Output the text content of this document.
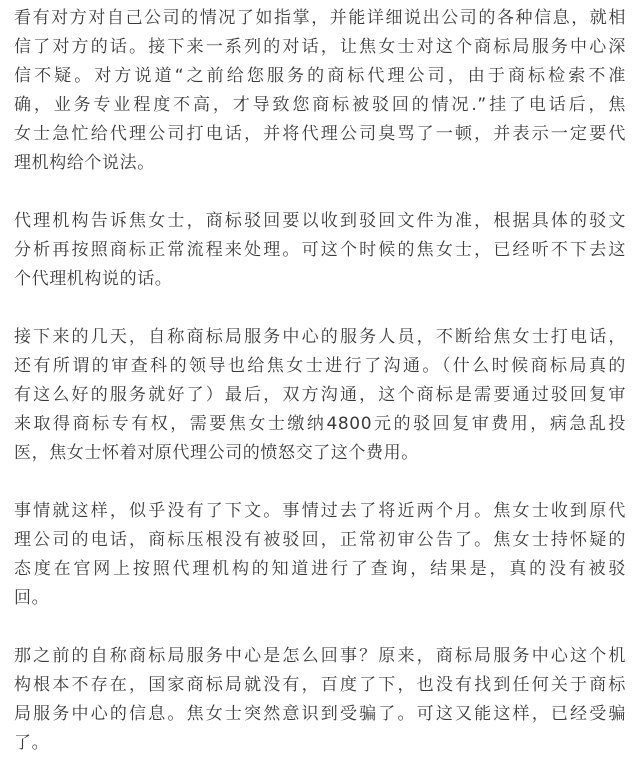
看有对方对自己公司的情况了如指掌，并能详细说出公司的各种信息，就相
信了对方的话。接下来一系列的对话，让焦女士对这个商标局服务中心深
信不疑。对方说道“之前给您服务的商标代理公司，由于商标检索不准
确，业务专业程度不高，才导致您商标被驳回的情况.”挂了电话后，焦
女士急忙给代理公司打电话，并将代理公司臭骂了一顿，并表示一定要代
理机构给个说法。
代理机构告诉焦女士，商标驳回要以收到驳回文件为准，根据具体的驳文
分析再按照商标正常流程来处理。可这个时候的焦女士，已经听不下去这
个代理机构说的话。
接下来的几天，自称商标局服务中心的服务人员，不断给焦女士打电话，
还有所谓的审查科的领导也给焦女士进行了沟通。（什么时候商标局真的
有这么好的服务就好了）最后，双方沟通，这个商标是需要通过驳回复审
来取得商标专有权，需要焦女士缴纳4800元的驳回复审费用，病急乱投
医，焦女士怀着对原代理公司的愤怒交了这个费用。
事情就这样，似乎没有了下文。事情过去了将近两个月。焦女士收到原代
理公司的电话，商标压根没有被驳回，正常初审公告了。焦女士持怀疑的
态度在官网上按照代理机构的知道进行了查询，结果是，真的没有被驳
回。
那之前的自称商标局服务中心是怎么回事？原来，商标局服务中心这个机
构根本不存在，国家商标局就没有，百度了下，也没有找到任何关于商标
局服务中心的信息。焦女士突然意识到受骗了。可这又能这样，已经受骗
了。
